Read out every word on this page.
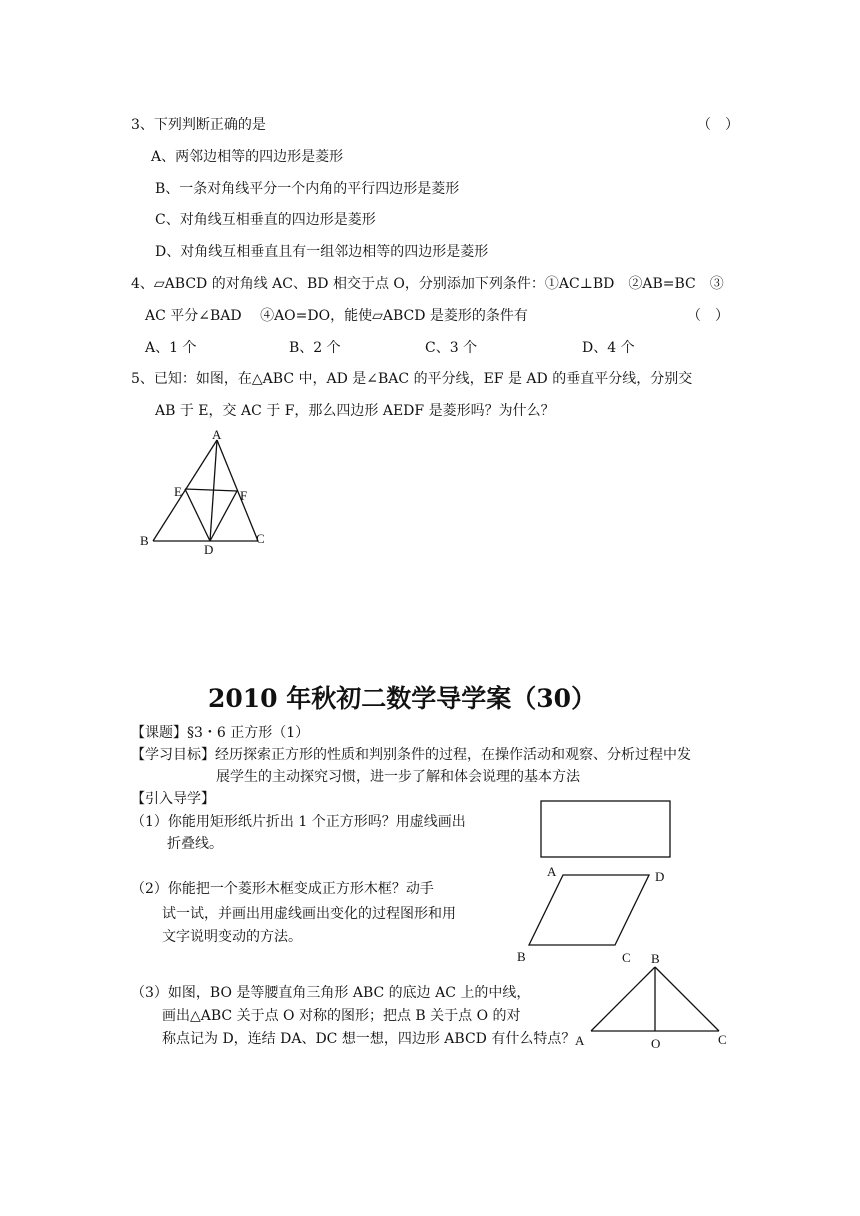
3、下列判断正确的是	（　）
A、两邻边相等的四边形是菱形
B、一条对角线平分一个内角的平行四边形是菱形
C、对角线互相垂直的四边形是菱形
D、对角线互相垂直且有一组邻边相等的四边形是菱形
4、▱ABCD 的对角线 AC、BD 相交于点 O，分别添加下列条件：①AC⊥BD　②AB=BC　③
AC 平分∠BAD　 ④AO=DO，能使▱ABCD 是菱形的条件有	（　）
A、1 个	B、2 个	C、3 个	D、4 个
5、已知：如图，在△ABC 中，AD 是∠BAC 的平分线，EF 是 AD 的垂直平分线，分别交
AB 于 E，交 AC 于 F，那么四边形 AEDF 是菱形吗？为什么？
A
E	F
B
D
C
2010 年秋初二数学导学案（30）
【课题】§3・6 正方形（1）
【学习目标】经历探索正方形的性质和判别条件的过程，在操作活动和观察、分析过程中发
展学生的主动探究习惯，进一步了解和体会说理的基本方法
【引入导学】
（1）你能用矩形纸片折出 1 个正方形吗？用虚线画出
折叠线。
（2）你能把一个菱形木框变成正方形木框？动手
试一试，并画出用虚线画出变化的过程图形和用
文字说明变动的方法。
（3）如图，BO 是等腰直角三角形 ABC 的底边 AC 上的中线，
画出△ABC 关于点 O 对称的图形；把点 B 关于点 O 的对
称点记为 D，连结 DA、DC 想一想，四边形 ABCD 有什么特点？
A	D
B	C B
A	O	C
